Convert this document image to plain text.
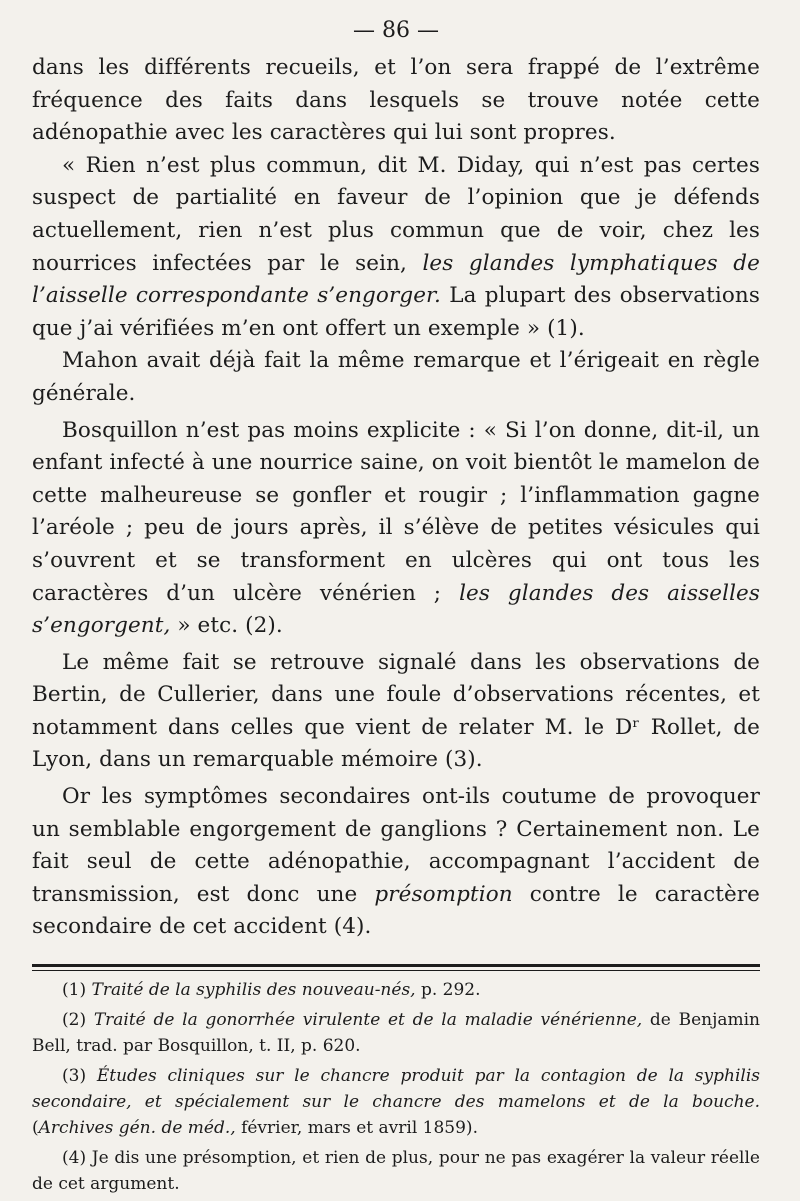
— 86 —

dans les différents recueils, et l’on sera frappé de l’extrême fréquence des faits dans lesquels se trouve notée cette adénopathie avec les caractères qui lui sont propres.

« Rien n’est plus commun, dit M. Diday, qui n’est pas certes suspect de partialité en faveur de l’opinion que je défends actuellement, rien n’est plus commun que de voir, chez les nourrices infectées par le sein, les glandes lymphatiques de l’aisselle correspondante s’engorger. La plupart des observations que j’ai vérifiées m’en ont offert un exemple » (1).

Mahon avait déjà fait la même remarque et l’érigeait en règle générale.

Bosquillon n’est pas moins explicite : « Si l’on donne, dit-il, un enfant infecté à une nourrice saine, on voit bientôt le mamelon de cette malheureuse se gonfler et rougir ; l’inflammation gagne l’aréole ; peu de jours après, il s’élève de petites vésicules qui s’ouvrent et se transforment en ulcères qui ont tous les caractères d’un ulcère vénérien ; les glandes des aisselles s’engorgent, » etc. (2).

Le même fait se retrouve signalé dans les observations de Bertin, de Cullerier, dans une foule d’observations récentes, et notamment dans celles que vient de relater M. le Dʳ Rollet, de Lyon, dans un remarquable mémoire (3).

Or les symptômes secondaires ont-ils coutume de provoquer un semblable engorgement de ganglions ? Certainement non. Le fait seul de cette adénopathie, accompagnant l’accident de transmission, est donc une présomption contre le caractère secondaire de cet accident (4).

(1) Traité de la syphilis des nouveau-nés, p. 292.

(2) Traité de la gonorrhée virulente et de la maladie vénérienne, de Benjamin Bell, trad. par Bosquillon, t. II, p. 620.

(3) Études cliniques sur le chancre produit par la contagion de la syphilis secondaire, et spécialement sur le chancre des mamelons et de la bouche. (Archives gén. de méd., février, mars et avril 1859).

(4) Je dis une présomption, et rien de plus, pour ne pas exagérer la valeur réelle de cet argument.
